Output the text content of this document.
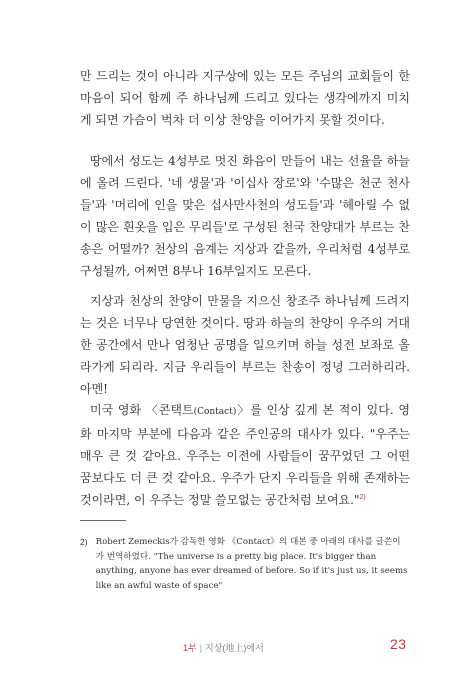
만 드리는 것이 아니라 지구상에 있는 모든 주님의 교회들이 한마음이 되어 함께 주 하나님께 드리고 있다는 생각에까지 미치게 되면 가슴이 벅차 더 이상 찬양을 이어가지 못할 것이다.

땅에서 성도는 4성부로 멋진 화음이 만들어 내는 선율을 하늘에 올려 드린다. '네 생물'과 '이십사 장로'와 '수많은 천군 천사들'과 '머리에 인을 맞은 십사만사천의 성도들'과 '헤아릴 수 없이 많은 흰옷을 입은 무리들'로 구성된 천국 찬양대가 부르는 찬송은 어떨까? 천상의 음계는 지상과 같을까, 우리처럼 4성부로 구성될까, 어쩌면 8부나 16부일지도 모른다.

지상과 천상의 찬양이 만물을 지으신 창조주 하나님께 드려지는 것은 너무나 당연한 것이다. 땅과 하늘의 찬양이 우주의 거대한 공간에서 만나 엄청난 공명을 일으키며 하늘 성전 보좌로 올라가게 되리라. 지금 우리들이 부르는 찬송이 정녕 그러하리라. 아멘!

미국 영화 〈콘택트(Contact)〉를 인상 깊게 본 적이 있다. 영화 마지막 부분에 다음과 같은 주인공의 대사가 있다. "우주는 매우 큰 것 같아요. 우주는 이전에 사람들이 꿈꾸었던 그 어떤 꿈보다도 더 큰 것 같아요. 우주가 단지 우리들을 위해 존재하는 것이라면, 이 우주는 정말 쓸모없는 공간처럼 보여요."$^{2)}$

2) Robert Zemeckis가 감독한 영화 《Contact》의 대본 중 아래의 대사를 글쓴이가 번역하였다. "The universe is a pretty big place. It's bigger than anything, anyone has ever dreamed of before. So if it's just us, it seems like an awful waste of space"
1부 | 지상(地上)에서	23
